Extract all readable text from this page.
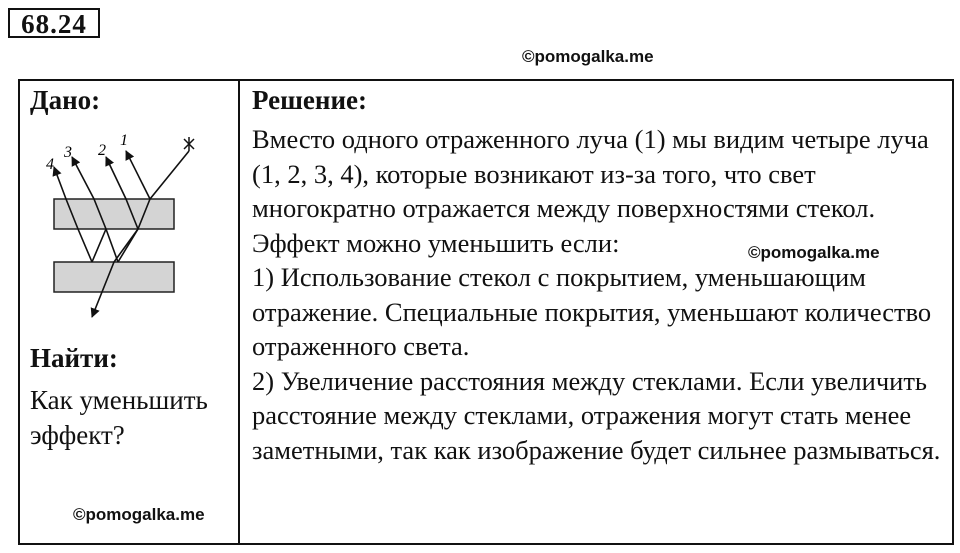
68.24
©pomogalka.me
Дано:
1
2
3
4
Найти:
Как уменьшить эффект?
Решение:

Вместо одного отраженного луча (1) мы видим четыре луча (1, 2, 3, 4), которые возникают из-за того, что свет многократно отражается между поверхностями стекол.

Эффект можно уменьшить если:

1) Использование стекол с покрытием, уменьшающим отражение. Специальные покрытия, уменьшают количество отраженного света.

2) Увеличение расстояния между стеклами. Если увеличить расстояние между стеклами, отражения могут стать менее заметными, так как изображение будет сильнее размываться.

©pomogalka.me
©pomogalka.me
